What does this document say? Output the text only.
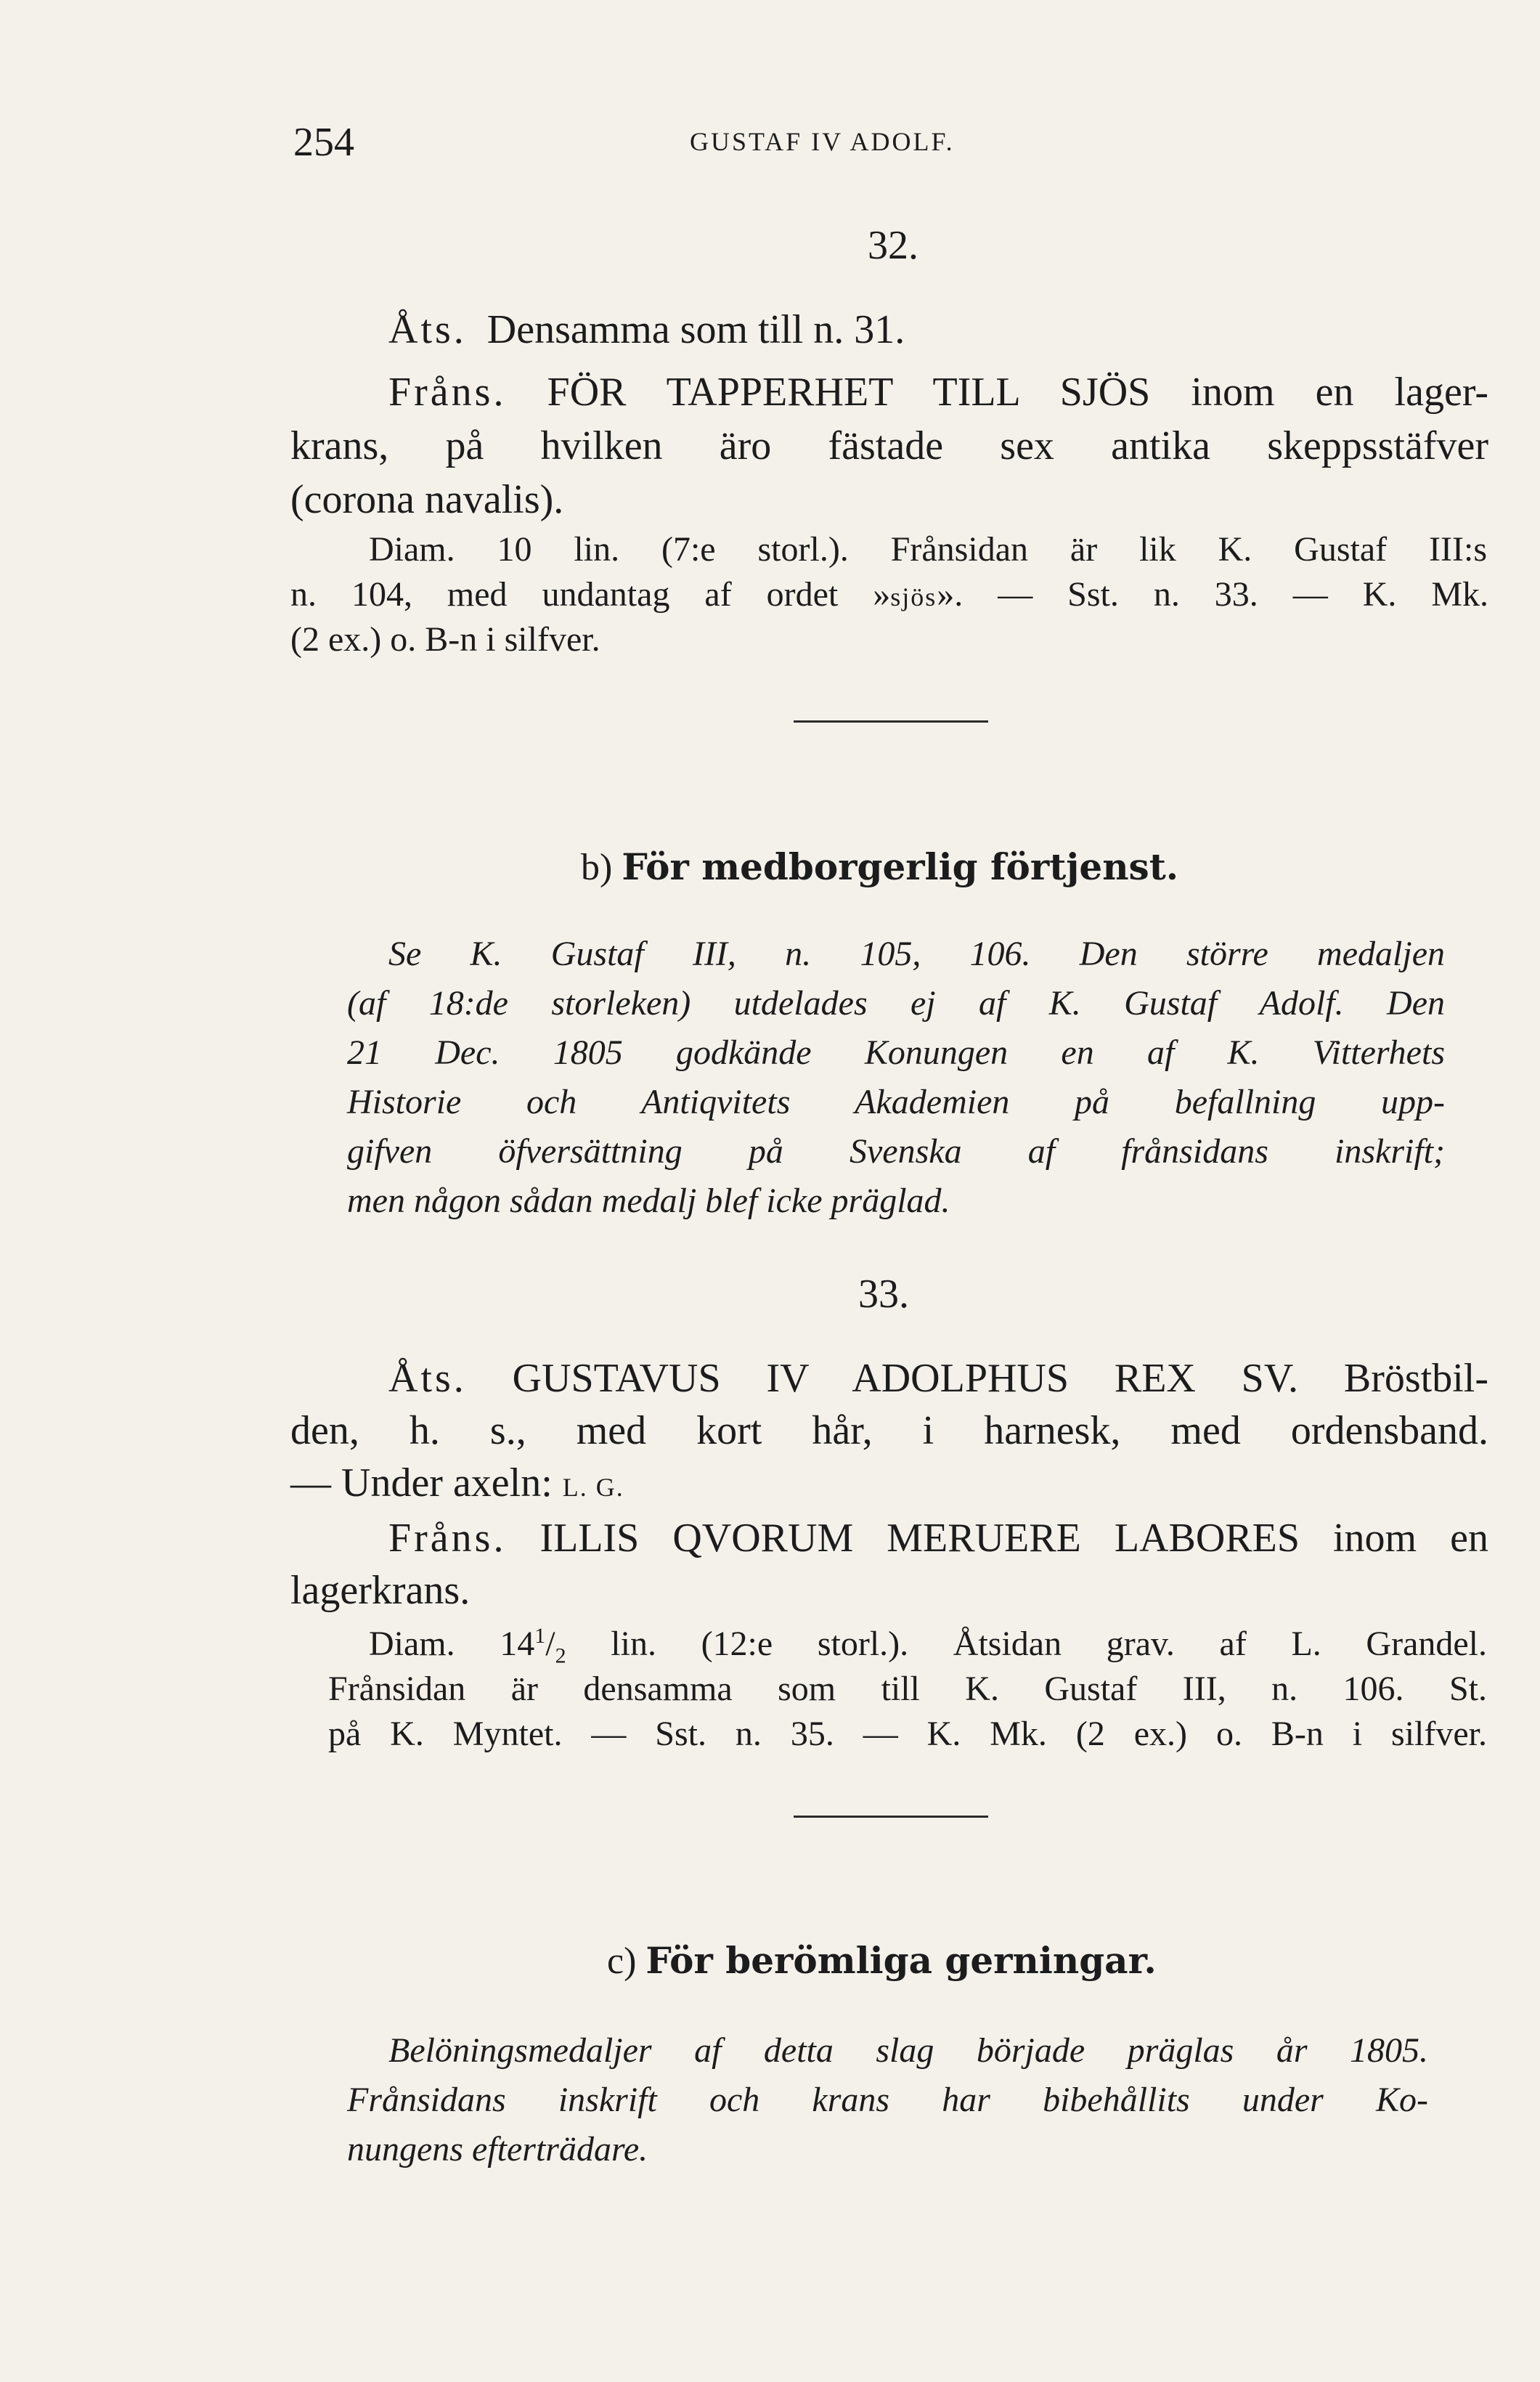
254	GUSTAF IV ADOLF.
32.
Åts. Densamma som till n. 31.
Fråns. FÖR TAPPERHET TILL SJÖS inom en lager-
krans, på hvilken äro fästade sex antika skeppsstäfver
(corona navalis).
Diam. 10 lin. (7:e storl.). Frånsidan är lik K. Gustaf III:s
n. 104, med undantag af ordet »sjös». — Sst. n. 33. — K. Mk.
(2 ex.) o. B-n i silfver.
b) För medborgerlig förtjenst.
Se K. Gustaf III, n. 105, 106. Den större medaljen
(af 18:de storleken) utdelades ej af K. Gustaf Adolf. Den
21 Dec. 1805 godkände Konungen en af K. Vitterhets
Historie och Antiqvitets Akademien på befallning upp-
gifven öfversättning på Svenska af frånsidans inskrift;
men någon sådan medalj blef icke präglad.
33.
Åts. GUSTAVUS IV ADOLPHUS REX SV. Bröstbil-
den, h. s., med kort hår, i harnesk, med ordensband.
— Under axeln: L. G.
Fråns. ILLIS QVORUM MERUERE LABORES inom en
lagerkrans.
Diam. $14^1/_2$ lin. (12:e storl.). Åtsidan grav. af L. Grandel.
Frånsidan är densamma som till K. Gustaf III, n. 106. St.
på K. Myntet. — Sst. n. 35. — K. Mk. (2 ex.) o. B-n i silfver.
c) För berömliga gerningar.
Belöningsmedaljer af detta slag började präglas år 1805.
Frånsidans inskrift och krans har bibehållits under Ko-
nungens efterträdare.
